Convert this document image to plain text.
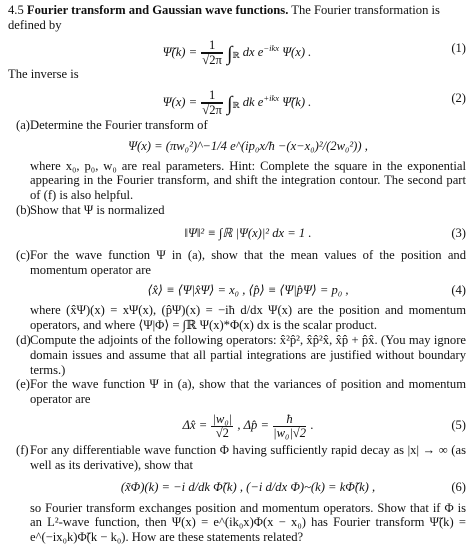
4.5 Fourier transform and Gaussian wave functions. The Fourier transformation is defined by
Ψ̃(k) = $\frac{1}{√2\pi} \int_ℝ$ dx $e^{-ikx}$ Ψ(x) .	(1)
The inverse is
$\Psi(x) = \frac{1}{√2\pi} \int_ℝ$ dk $e^{+ikx}$ Ψ̃(k) .	(2)
(a) Determine the Fourier transform of
Ψ(x) = (πw₀²)^−1/4 e^(ip₀x/ħ −(x−x₀)²/(2w₀²)) ,
where x₀, p₀, w₀ are real parameters. Hint: Complete the square in the exponential appearing in the Fourier transform, and shift the integration contour. The second part of (f) is also helpful.
(b) Show that Ψ is normalized
‖Ψ‖² ≡ ∫ℝ |Ψ(x)|² dx = 1 .	(3)
(c) For the wave function Ψ in (a), show that the mean values of the position and momentum operator are
⟨x̂⟩ ≡ ⟨Ψ|x̂Ψ⟩ = x₀ , ⟨p̂⟩ ≡ ⟨Ψ|p̂Ψ⟩ = p₀ ,	(4)
where (x̂Ψ)(x) = xΨ(x), (p̂Ψ)(x) = −iħ d/dx Ψ(x) are the position and momentum operators, and where ⟨Ψ|Φ⟩ = ∫ℝ Ψ(x)*Φ(x) dx is the scalar product.
(d) Compute the adjoints of the following operators: x̂²p̂², x̂p̂²x̂, x̂p̂ + p̂x̂. (You may ignore domain issues and assume that all partial integrations are justified without boundary terms.)
(e) For the wave function Ψ in (a), show that the variances of position and momentum operator are
Δx̂ = $\frac{\text{|w₀|}}{√2}$ , Δp̂ = $\frac{ħ}{\text{|w₀|√2}}$ .	(5)
(f) For any differentiable wave function Φ having sufficiently rapid decay as |x| → ∞ (as well as its derivative), show that
(x̃Φ)(k) = −i d/dk Φ̃(k) , (−i d/dx Φ)~(k) = kΦ̃(k) ,	(6)
so Fourier transform exchanges position and momentum operators. Show that if Φ is an L²-wave function, then Ψ(x) = e^(ik₀x)Φ(x − x₀) has Fourier transform Ψ̃(k) = e^(−ix₀k)Φ̃(k − k₀). How are these statements related?
